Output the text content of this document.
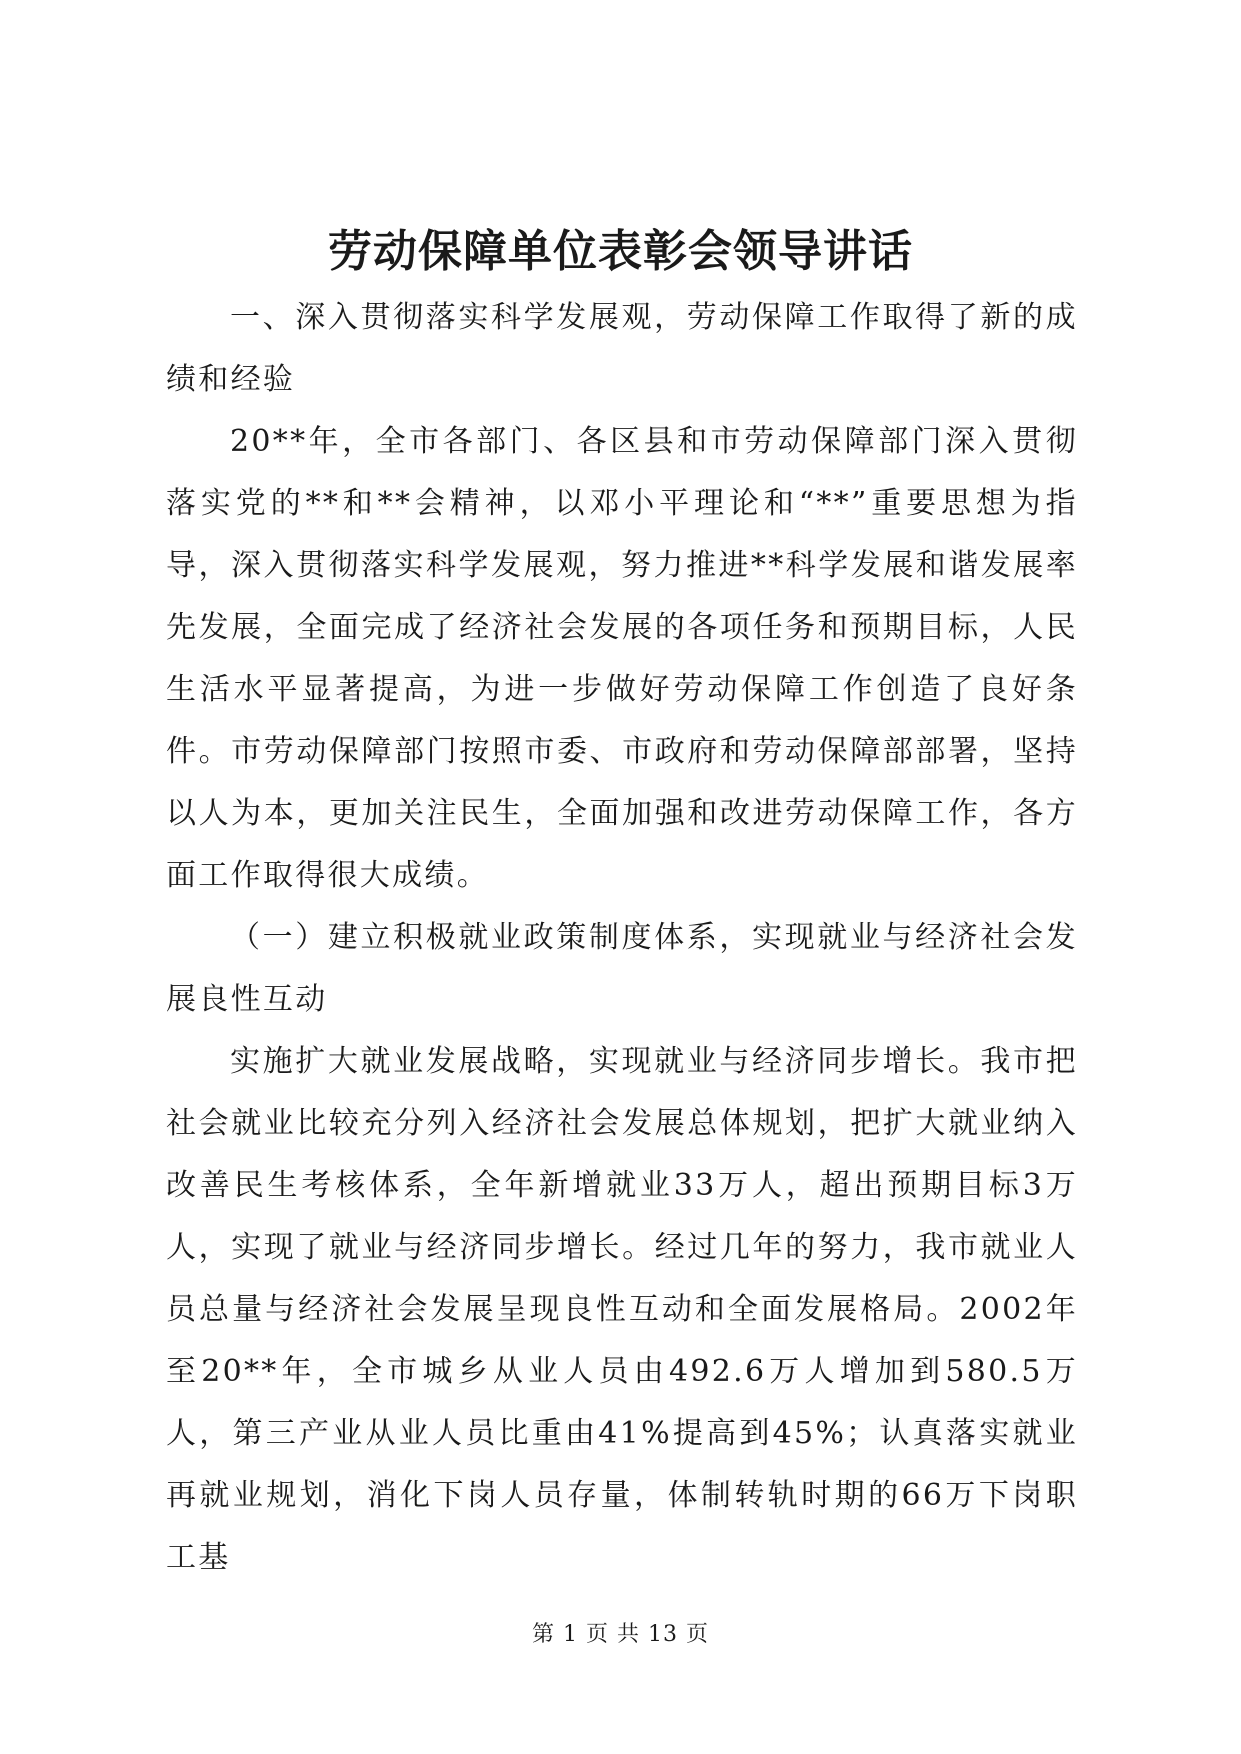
劳动保障单位表彰会领导讲话

一、深入贯彻落实科学发展观，劳动保障工作取得了新的成绩和经验

20**年，全市各部门、各区县和市劳动保障部门深入贯彻落实党的**和**会精神，以邓小平理论和“**”重要思想为指导，深入贯彻落实科学发展观，努力推进**科学发展和谐发展率先发展，全面完成了经济社会发展的各项任务和预期目标，人民生活水平显著提高，为进一步做好劳动保障工作创造了良好条件。市劳动保障部门按照市委、市政府和劳动保障部部署，坚持以人为本，更加关注民生，全面加强和改进劳动保障工作，各方面工作取得很大成绩。

（一）建立积极就业政策制度体系，实现就业与经济社会发展良性互动

实施扩大就业发展战略，实现就业与经济同步增长。我市把社会就业比较充分列入经济社会发展总体规划，把扩大就业纳入改善民生考核体系，全年新增就业33万人，超出预期目标3万人，实现了就业与经济同步增长。经过几年的努力，我市就业人员总量与经济社会发展呈现良性互动和全面发展格局。2002年至20**年，全市城乡从业人员由492.6万人增加到580.5万人，第三产业从业人员比重由41%提高到45%；认真落实就业再就业规划，消化下岗人员存量，体制转轨时期的66万下岗职工基

第 1 页 共 13 页
